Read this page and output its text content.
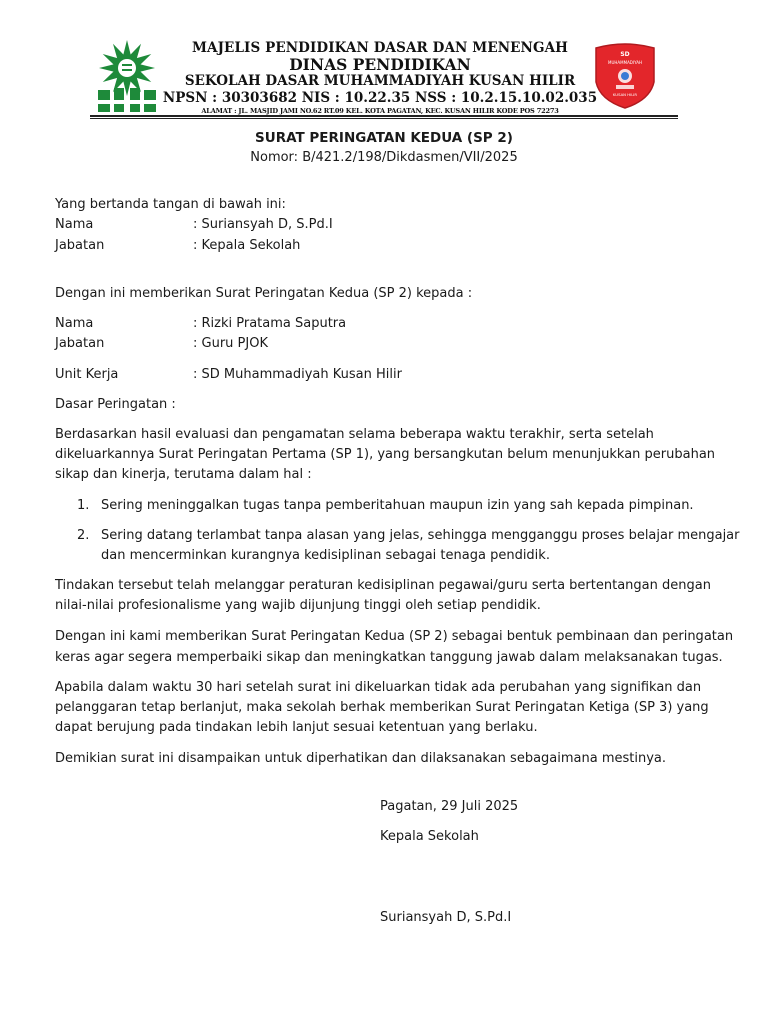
MAJELIS PENDIDIKAN DASAR DAN MENENGAH
DINAS PENDIDIKAN
SEKOLAH DASAR MUHAMMADIYAH KUSAN HILIR
NPSN : 30303682 NIS : 10.22.35 NSS : 10.2.15.10.02.035
ALAMAT : JL. MASJID JAMI NO.62 RT.09 KEL. KOTA PAGATAN, KEC. KUSAN HILIR KODE POS 72273
SD
MUHAMMADIYAH
KUSAN HILIR
SURAT PERINGATAN KEDUA (SP 2)
Nomor: B/421.2/198/Dikdasmen/VII/2025
Yang bertanda tangan di bawah ini:
Nama	: Suriansyah D, S.Pd.I
Jabatan	: Kepala Sekolah
Dengan ini memberikan Surat Peringatan Kedua (SP 2) kepada :
Nama	: Rizki Pratama Saputra
Jabatan	: Guru PJOK
Unit Kerja	: SD Muhammadiyah Kusan Hilir
Dasar Peringatan :
Berdasarkan hasil evaluasi dan pengamatan selama beberapa waktu terakhir, serta setelah
dikeluarkannya Surat Peringatan Pertama (SP 1), yang bersangkutan belum menunjukkan perubahan
sikap dan kinerja, terutama dalam hal :
1. Sering meninggalkan tugas tanpa pemberitahuan maupun izin yang sah kepada pimpinan.
2. Sering datang terlambat tanpa alasan yang jelas, sehingga mengganggu proses belajar mengajar
dan mencerminkan kurangnya kedisiplinan sebagai tenaga pendidik.
Tindakan tersebut telah melanggar peraturan kedisiplinan pegawai/guru serta bertentangan dengan
nilai-nilai profesionalisme yang wajib dijunjung tinggi oleh setiap pendidik.
Dengan ini kami memberikan Surat Peringatan Kedua (SP 2) sebagai bentuk pembinaan dan peringatan
keras agar segera memperbaiki sikap dan meningkatkan tanggung jawab dalam melaksanakan tugas.
Apabila dalam waktu 30 hari setelah surat ini dikeluarkan tidak ada perubahan yang signifikan dan
pelanggaran tetap berlanjut, maka sekolah berhak memberikan Surat Peringatan Ketiga (SP 3) yang
dapat berujung pada tindakan lebih lanjut sesuai ketentuan yang berlaku.
Demikian surat ini disampaikan untuk diperhatikan dan dilaksanakan sebagaimana mestinya.
Pagatan, 29 Juli 2025
Kepala Sekolah
Suriansyah D, S.Pd.I
